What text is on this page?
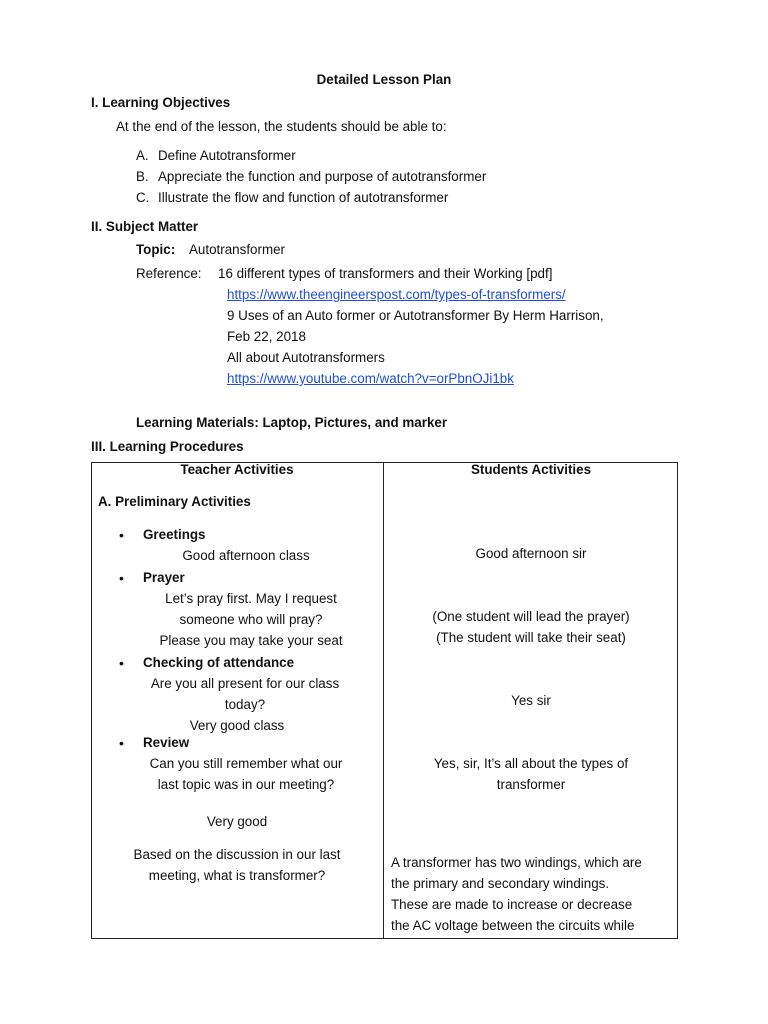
Detailed Lesson Plan
I. Learning Objectives
At the end of the lesson, the students should be able to:
A. Define Autotransformer
B. Appreciate the function and purpose of autotransformer
C. Illustrate the flow and function of autotransformer
II. Subject Matter
Topic: Autotransformer
Reference: 16 different types of transformers and their Working [pdf]
https://www.theengineerspost.com/types-of-transformers/
9 Uses of an Auto former or Autotransformer By Herm Harrison,
Feb 22, 2018
All about Autotransformers
https://www.youtube.com/watch?v=orPbnOJi1bk
Learning Materials: Laptop, Pictures, and marker
III. Learning Procedures
Teacher Activities	Students Activities
A. Preliminary Activities
• Greetings
Good afternoon class	Good afternoon sir
• Prayer
Let’s pray first. May I request
someone who will pray?
Please you may take your seat
(One student will lead the prayer)
(The student will take their seat)
• Checking of attendance
Are you all present for our class
today?
Very good class
Yes sir
• Review
Can you still remember what our
last topic was in our meeting?
Very good
Based on the discussion in our last
meeting, what is transformer?
Yes, sir, It’s all about the types of
transformer
A transformer has two windings, which are
the primary and secondary windings.
These are made to increase or decrease
the AC voltage between the circuits while
